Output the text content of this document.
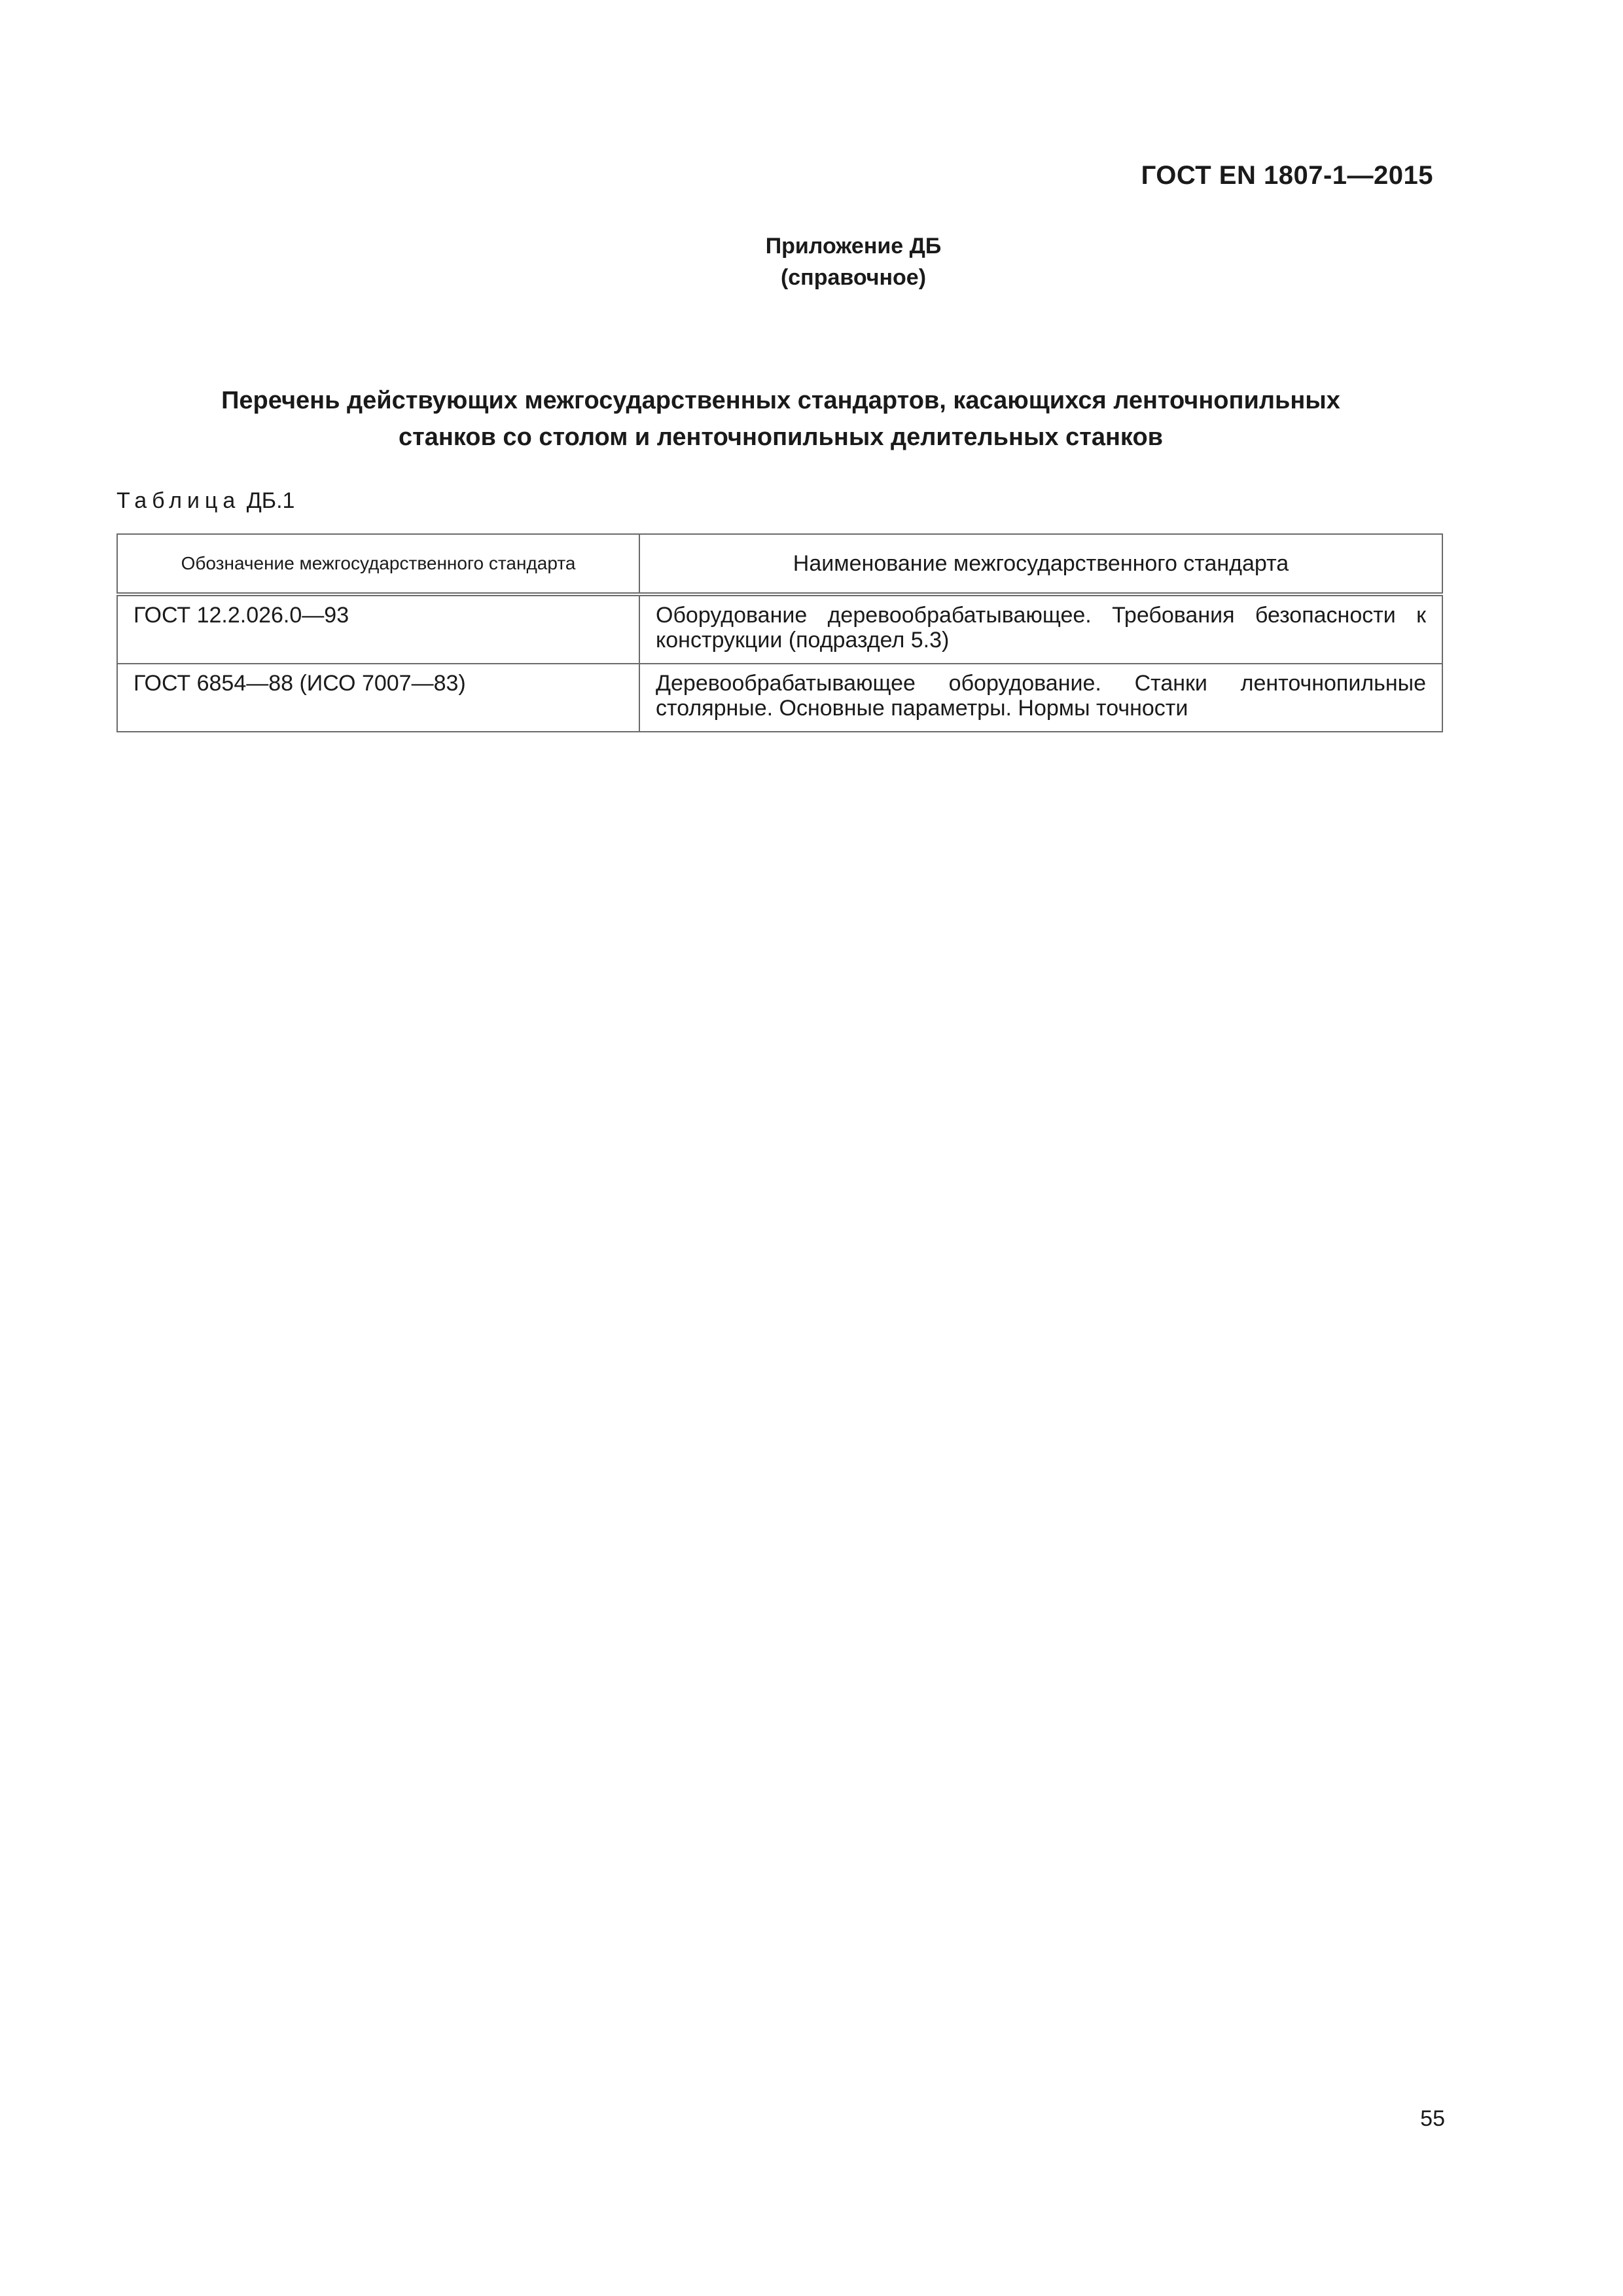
ГОСТ EN 1807-1—2015
Приложение ДБ
(справочное)
Перечень действующих межгосударственных стандартов, касающихся ленточнопильных
станков со столом и ленточнопильных делительных станков
Таблица ДБ.1
Обозначение межгосударственного стандарта	Наименование межгосударственного стандарта
ГОСТ 12.2.026.0—93	Оборудование деревообрабатывающее. Требования безопасности к конструкции (подраздел 5.3)
ГОСТ 6854—88 (ИСО 7007—83)	Деревообрабатывающее оборудование. Станки ленточнопильные столярные. Основные параметры. Нормы точности
55
